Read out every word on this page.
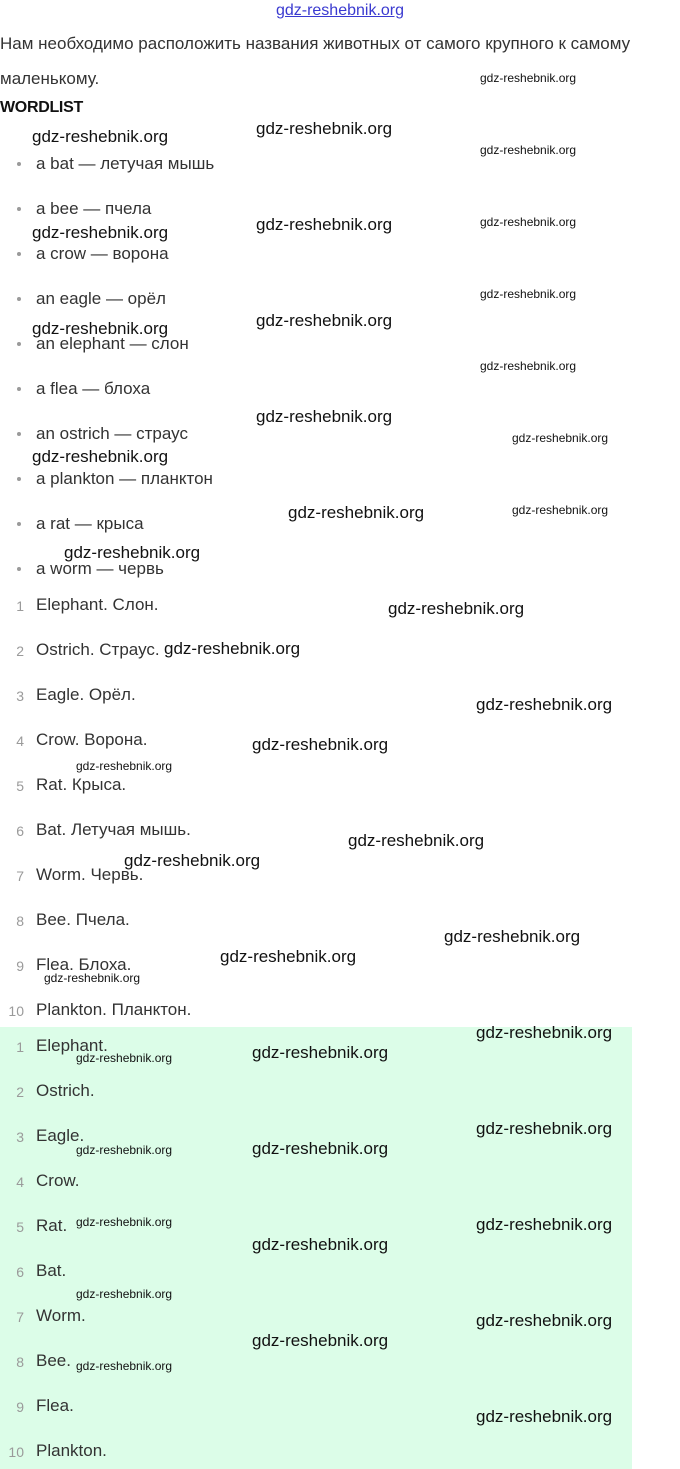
gdz-reshebnik.org
Нам необходимо расположить названия животных от самого крупного к самому маленькому.
WORDLIST
a bat — летучая мышь
a bee — пчела
a crow — ворона
an eagle — орёл
an elephant — слон
a flea — блоха
an ostrich — страус
a plankton — планктон
a rat — крыса
a worm — червь
1 Elephant. Слон.
2 Ostrich. Страус.
3 Eagle. Орёл.
4 Crow. Ворона.
5 Rat. Крыса.
6 Bat. Летучая мышь.
7 Worm. Червь.
8 Bee. Пчела.
9 Flea. Блоха.
10 Plankton. Планктон.
1 Elephant.
2 Ostrich.
3 Eagle.
4 Crow.
5 Rat.
6 Bat.
7 Worm.
8 Bee.
9 Flea.
10 Plankton.
gdz-reshebnik.org
gdz-reshebnik.org	gdz-reshebnik.org
gdz-reshebnik.org
gdz-reshebnik.org	gdz-reshebnik.org	gdz-reshebnik.org
gdz-reshebnik.org
gdz-reshebnik.org	gdz-reshebnik.org
gdz-reshebnik.org
gdz-reshebnik.org
gdz-reshebnik.org
gdz-reshebnik.org
gdz-reshebnik.org	gdz-reshebnik.org
gdz-reshebnik.org
gdz-reshebnik.org
gdz-reshebnik.org
gdz-reshebnik.org
gdz-reshebnik.org
gdz-reshebnik.org
gdz-reshebnik.org
gdz-reshebnik.org
gdz-reshebnik.org
gdz-reshebnik.org
gdz-reshebnik.org
gdz-reshebnik.org
gdz-reshebnik.org
gdz-reshebnik.org
gdz-reshebnik.org
gdz-reshebnik.org
gdz-reshebnik.org
gdz-reshebnik.org	gdz-reshebnik.org
gdz-reshebnik.org
gdz-reshebnik.org
gdz-reshebnik.org
gdz-reshebnik.org
gdz-reshebnik.org
gdz-reshebnik.org
